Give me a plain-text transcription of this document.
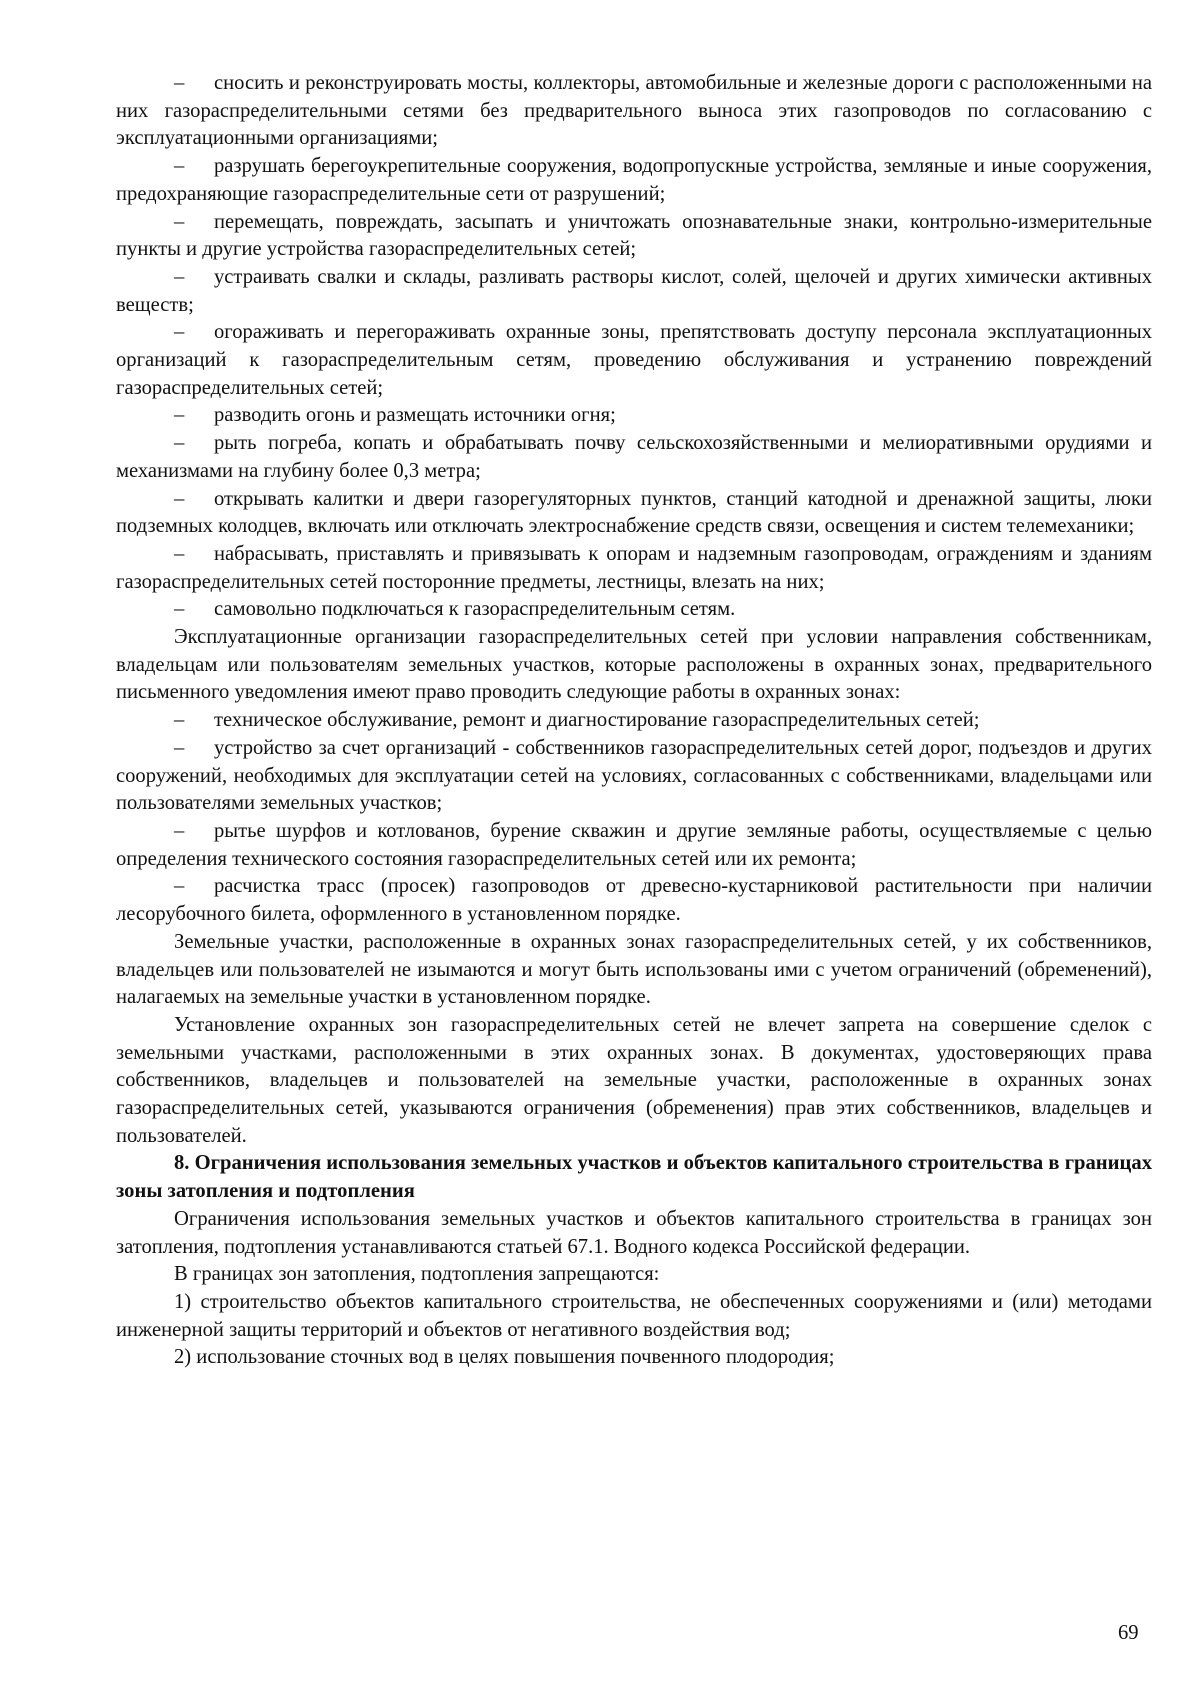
– сносить и реконструировать мосты, коллекторы, автомобильные и железные дороги с расположенными на них газораспределительными сетями без предварительного выноса этих газопроводов по согласованию с эксплуатационными организациями;

– разрушать берегоукрепительные сооружения, водопропускные устройства, земляные и иные сооружения, предохраняющие газораспределительные сети от разрушений;

– перемещать, повреждать, засыпать и уничтожать опознавательные знаки, контрольно-измерительные пункты и другие устройства газораспределительных сетей;

– устраивать свалки и склады, разливать растворы кислот, солей, щелочей и других химически активных веществ;

– огораживать и перегораживать охранные зоны, препятствовать доступу персонала эксплуатационных организаций к газораспределительным сетям, проведению обслуживания и устранению повреждений газораспределительных сетей;

– разводить огонь и размещать источники огня;

– рыть погреба, копать и обрабатывать почву сельскохозяйственными и мелиоративными орудиями и механизмами на глубину более 0,3 метра;

– открывать калитки и двери газорегуляторных пунктов, станций катодной и дренажной защиты, люки подземных колодцев, включать или отключать электроснабжение средств связи, освещения и систем телемеханики;

– набрасывать, приставлять и привязывать к опорам и надземным газопроводам, ограждениям и зданиям газораспределительных сетей посторонние предметы, лестницы, влезать на них;

– самовольно подключаться к газораспределительным сетям.

Эксплуатационные организации газораспределительных сетей при условии направления собственникам, владельцам или пользователям земельных участков, которые расположены в охранных зонах, предварительного письменного уведомления имеют право проводить следующие работы в охранных зонах:

– техническое обслуживание, ремонт и диагностирование газораспределительных сетей;

– устройство за счет организаций - собственников газораспределительных сетей дорог, подъездов и других сооружений, необходимых для эксплуатации сетей на условиях, согласованных с собственниками, владельцами или пользователями земельных участков;

– рытье шурфов и котлованов, бурение скважин и другие земляные работы, осуществляемые с целью определения технического состояния газораспределительных сетей или их ремонта;

– расчистка трасс (просек) газопроводов от древесно-кустарниковой растительности при наличии лесорубочного билета, оформленного в установленном порядке.

Земельные участки, расположенные в охранных зонах газораспределительных сетей, у их собственников, владельцев или пользователей не изымаются и могут быть использованы ими с учетом ограничений (обременений), налагаемых на земельные участки в установленном порядке.

Установление охранных зон газораспределительных сетей не влечет запрета на совершение сделок с земельными участками, расположенными в этих охранных зонах. В документах, удостоверяющих права собственников, владельцев и пользователей на земельные участки, расположенные в охранных зонах газораспределительных сетей, указываются ограничения (обременения) прав этих собственников, владельцев и пользователей.

8. Ограничения использования земельных участков и объектов капитального строительства в границах зоны затопления и подтопления

Ограничения использования земельных участков и объектов капитального строительства в границах зон затопления, подтопления устанавливаются статьей 67.1. Водного кодекса Российской федерации.

В границах зон затопления, подтопления запрещаются:

1) строительство объектов капитального строительства, не обеспеченных сооружениями и (или) методами инженерной защиты территорий и объектов от негативного воздействия вод;

2) использование сточных вод в целях повышения почвенного плодородия;

69
